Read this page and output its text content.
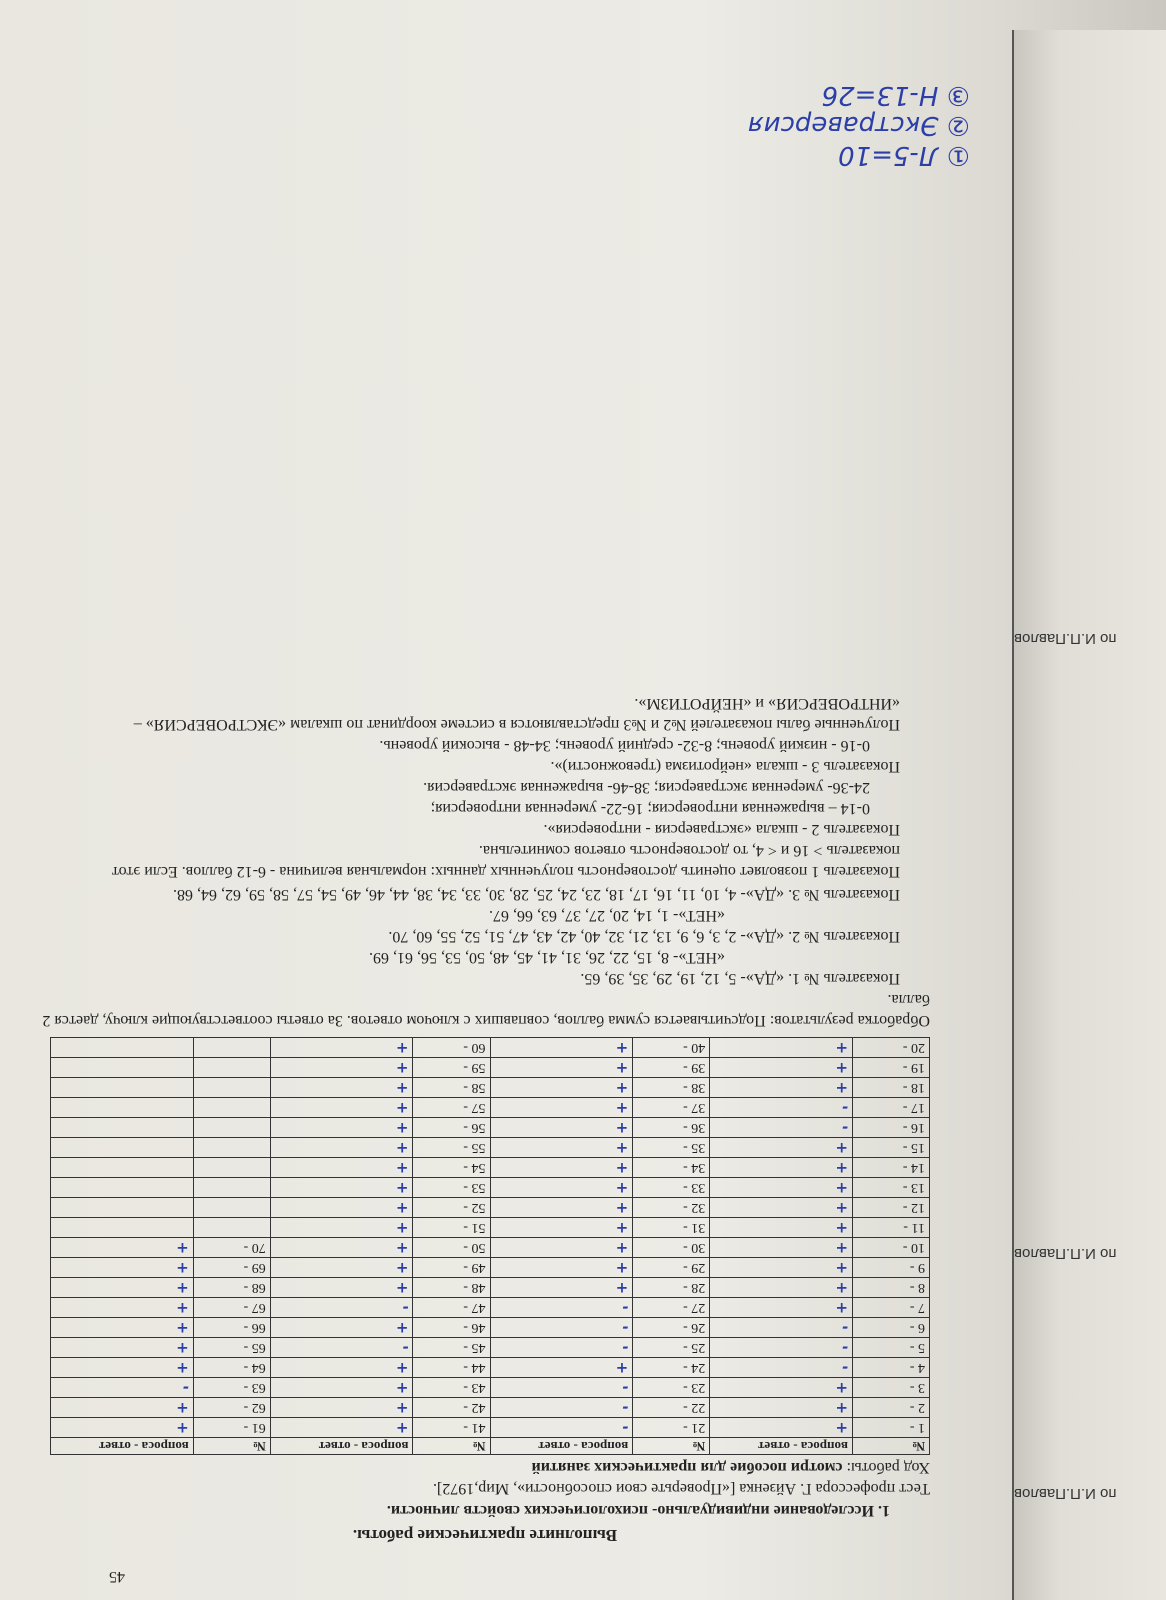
по И.П.Павлов
по И.П.Павлов
по И.П.Павлов
45

Выполните практические работы.

1. Исследование индивидуально- психологических свойств личности.

Тест профессора Г. Айзенка [«Проверьте свои способности», Мир,1972].

Ход работы: смотри пособие для практических занятий

№	вопроса - ответ	№	вопроса - ответ	№	вопроса - ответ	№	вопроса - ответ
1 -	+	21 -	-	41 -	+	61 -	+
2 -	+	22 -	-	42 -	+	62 -	+
3 -	+	23 -	-	43 -	+	63 -	-
4 -	-	24 -	+	44 -	+	64 -	+
5 -	-	25 -	-	45 -	-	65 -	+
6 -	-	26 -	-	46 -	+	66 -	+
7 -	+	27 -	-	47 -	-	67 -	+
8 -	+	28 -	+	48 -	+	68 -	+
9 -	+	29 -	+	49 -	+	69 -	+
10 -	+	30 -	+	50 -	+	70 -	+
11 -	+	31 -	+	51 -	+		
12 -	+	32 -	+	52 -	+		
13 -	+	33 -	+	53 -	+		
14 -	+	34 -	+	54 -	+		
15 -	+	35 -	+	55 -	+		
16 -	-	36 -	+	56 -	+		
17 -	-	37 -	+	57 -	+		
18 -	+	38 -	+	58 -	+		
19 -	+	39 -	+	59 -	+		
20 -	+	40 -	+	60 -	+		

Обработка результатов: Подсчитывается сумма баллов, совпавших с ключом ответов. За ответы соответствующие ключу, дается 2 балла.

Показатель № 1. «ДА»- 5, 12, 19, 29, 35, 39, 65.

«НЕТ»- 8, 15, 22, 26, 31, 41, 45, 48, 50, 53, 56, 61, 69.

Показатель № 2. «ДА»- 2, 3, 6, 9, 13, 21, 32, 40, 42, 43, 47, 51, 52, 55, 60, 70.

«НЕТ»- 1, 14, 20, 27, 37, 63, 66, 67.

Показатель № 3. «ДА»- 4, 10, 11, 16, 17, 18, 23, 24, 25, 28, 30, 33, 34, 38, 44, 46, 49, 54, 57, 58, 59, 62, 64, 68.

Показатель 1 позволяет оценить достоверность полученных данных: нормальная величина - 6-12 баллов. Если этот показатель > 16 и < 4, то достоверность ответов сомнительна.

Показатель 2 - шкала «экстраверсия - интроверсия».

0-14 – выраженная интроверсия; 16-22- умеренная интроверсия;

24-36- умеренная экстраверсия; 38-46- выраженная экстраверсия.

Показатель 3 - шкала «нейротизма (тревожности)».

0-16 - низкий уровень; 8-32- средний уровень; 34-48 - высокий уровень.

Полученные балы показателей №2 и №3 представляются в системе координат по шкалам «ЭКСТРОВЕРСИЯ» – «ИНТРОВЕРСИЯ» и «НЕЙРОТИЗМ».

① Л-5=10
② Экстраверсия
③ Н-13=26
